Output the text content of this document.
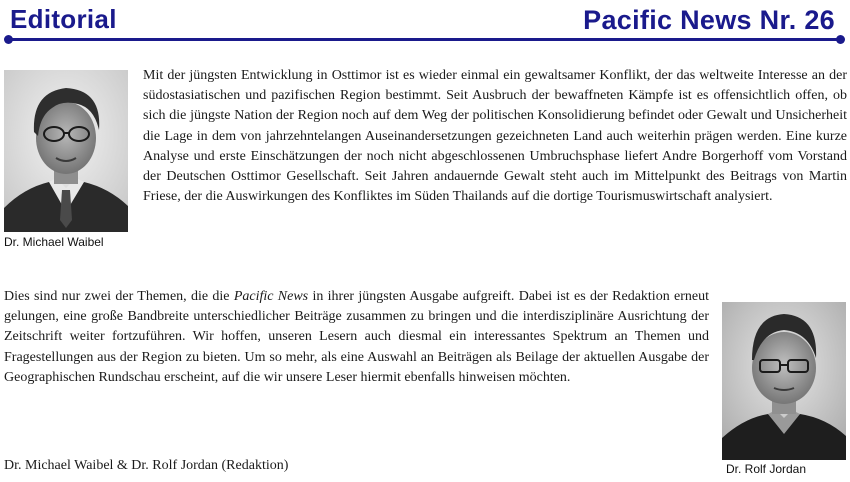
Editorial	Pacific News Nr. 26
Dr. Michael Waibel

Mit der jüngsten Entwicklung in Osttimor ist es wieder einmal ein gewaltsamer Konflikt, der das weltweite Interesse an der südostasiatischen und pazifischen Region bestimmt. Seit Ausbruch der bewaffneten Kämpfe ist es offensichtlich offen, ob sich die jüngste Nation der Region noch auf dem Weg der politischen Konsolidierung befindet oder Gewalt und Unsicherheit die Lage in dem von jahrzehntelangen Auseinandersetzungen gezeichneten Land auch weiterhin prägen werden. Eine kurze Analyse und erste Einschätzungen der noch nicht abgeschlossenen Umbruchsphase liefert Andre Borgerhoff vom Vorstand der Deutschen Osttimor Gesellschaft. Seit Jahren andauernde Gewalt steht auch im Mittelpunkt des Beitrags von Martin Friese, der die Auswirkungen des Konfliktes im Süden Thailands auf die dortige Tourismuswirtschaft analysiert.

Dies sind nur zwei der Themen, die die Pacific News in ihrer jüngsten Ausgabe aufgreift. Dabei ist es der Redaktion erneut gelungen, eine große Bandbreite unterschiedlicher Beiträge zusammen zu bringen und die interdisziplinäre Ausrichtung der Zeitschrift weiter fortzuführen. Wir hoffen, unseren Lesern auch diesmal ein interessantes Spektrum an Themen und Fragestellungen aus der Region zu bieten. Um so mehr, als eine Auswahl an Beiträgen als Beilage der aktuellen Ausgabe der Geographischen Rundschau erscheint, auf die wir unsere Leser hiermit ebenfalls hinweisen möchten.

Dr. Rolf Jordan
Dr. Michael Waibel & Dr. Rolf Jordan (Redaktion)
